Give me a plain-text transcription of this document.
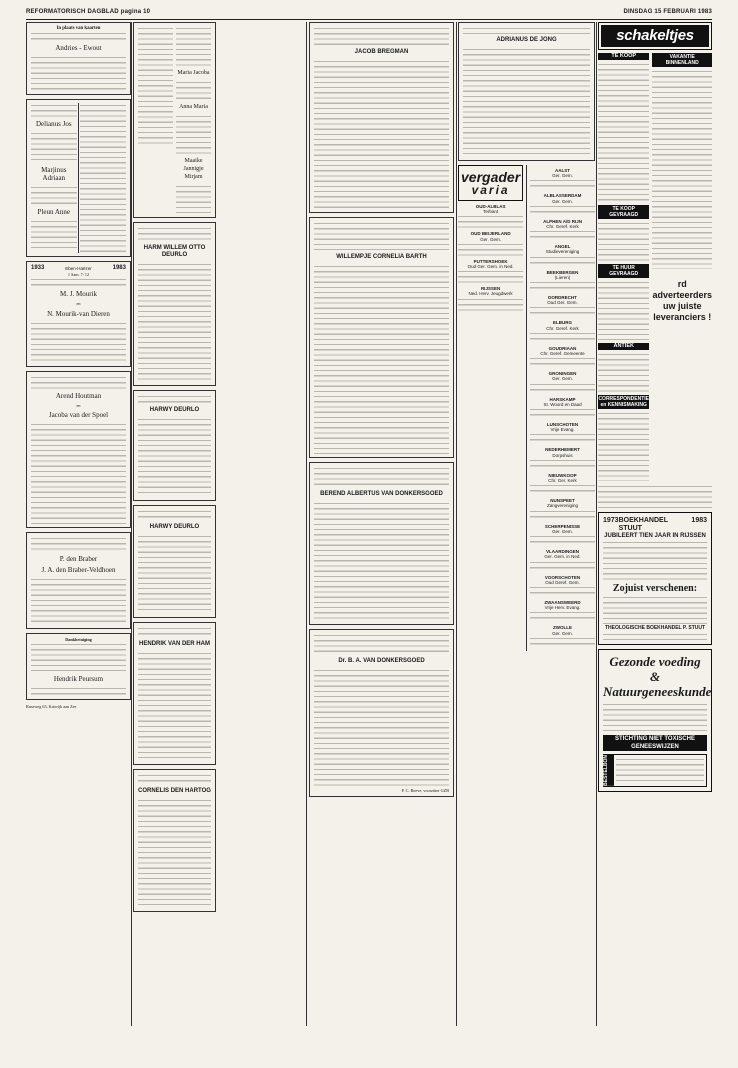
REFORMATORISCH DAGBLAD pagina 10	DINSDAG 15 FEBRUARI 1983

In plaats van kaarten

Andries - Ewout
Delianus Jos
Marjinus Adriaan
Pleun Anne
1933	Eben-Haëzer	1983

1 Sam. 7: 12

M. J. Mourik

en

N. Mourik-van Dieren
Arend Houtman

en

Jacoba van der Spoel
P. den Braber
J. A. den Braber-Veldhoen

Dankbetuiging

Hendrik Peursum

Ruseweg 63, Katwijk aan Zee

Maria Jacoba
Anna Maria
Maaike Jannigje Mirjam
HARM WILLEM OTTO DEURLO
HARWY DEURLO
HARWY DEURLO
HENDRIK VAN DER HAM
CORNELIS DEN HARTOG
JACOB BREGMAN
WILLEMPJE CORNELIA BARTH
BEREND ALBERTUS VAN DONKERSGOED
Dr. B. A. VAN DONKERSGOED

P. C. Boeve, voorzitter GZB

ADRIANUS DE JONG
vergader
varia
OUD-ALBLAS
Terbant
OUD BEIJERLAND
Ger. Gem.
PUTTERSHOEK
Oud Ger. Gem. in Ned.
RIJSSEN
Ned. Herv. Jeugdwerk
AALST
Ger. Gem.
ALBLASSERDAM
Ger. Gem.
ALPHEN A/D RIJN
Chr. Geref. Kerk
ANGEL
Studievereniging
BEEKBERGEN
(Lieren)
DORDRECHT
Oud Ger. Gem.
ELBURG
Chr. Geref. Kerk
GOUDRIAAN
Chr. Geref. Gemeente
GRONINGEN
Ger. Gem.
HARSKAMP
St. Woord en Daad
LUNSCHOTEN
Vrije Evang.
NEDERHEMERT
Dorpshuis
NIEUWKOOP
Chr. Ger. Kerk
NUNSPEET
Zangvereniging
SCHERPENISSE
Ger. Gem.
VLAARDINGEN
Ger. Gem. in Ned.
VOORSCHOTEN
Oud Geref. Gem.
ZWAANSWEERD
Vrije Herv. Evang.
ZWOLLE
Ger. Gem.
schakeltjes
TE KOOP
TE KOOP GEVRAAGD
TE HUUR GEVRAAGD
ANTIEK
CORRESPONDENTIE en KENNISMAKING
VAKANTIE BINNENLAND
rd
adverteerders
uw juiste
leveranciers !
1973 BOEKHANDEL STUUT
1983
JUBILEERT TIEN JAAR IN RIJSSEN
Zojuist verschenen:
THEOLOGISCHE BOEKHANDEL P. STUUT
Gezonde voeding &
Natuurgeneeskunde
STICHTING NIET TOXISCHE GENEESWIJZEN
BESTELBON
